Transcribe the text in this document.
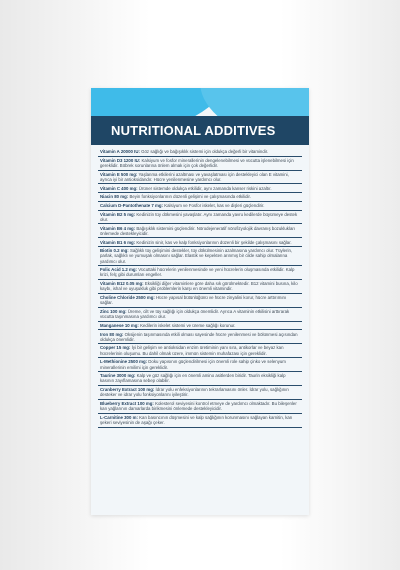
NUTRITIONAL ADDITIVES
Vitamin A 20000 IU: Göz sağlığı ve bağışıklık sistemi için oldukça değerli bir vitamindir.
Vitamin D3 1200 IU: Kalsiyum ve fosfor minerallerinin dengelenebilmesi ve vücutta işlenebilmesi için gereklidir. Böbrek sorunlarına önlem almak için çok değerlidir.
Vitamin E 500 mg: Yaşlanma etkilerini azaltması ve yavaşlatması için destekleyici olan E vitamini, ayrıca iyi bir antioksidandır. Hücre yenilenmesine yardımcı olur.
Vitamin C 400 mg: Ürüner sistemde oldukça etkilidir, aynı zamanda kanser riskini azaltır.
Niacin 80 mg: Beyin fonksiyonlarının düzenli gelişimi ve çalışmasında etkilidir.
Calcium D-Pantothenate 7 mg: Kalsiyum ve Fosfor iskelet, kas ve dişleri güçlendirir.
Vitamin B2 5 mg: Kedinizin tüy dökmesini yavaşlatır. Aynı zamanda yavru kedilerde büyümeye destek olur.
Vitamin B6 4 mg: Bağışıklık sistemini güçlendirir. Nörodejeneratif nörofizyolojik davranış bozuklukları önlemede destekleyicidir.
Vitamin B1 6 mg: Kedinizin sinir, kas ve kalp fonksiyonlarının düzenli bir şekilde çalışmasını sağlar.
Biotin 0.2 mg: Sağlıklı tüy gelişimini destekler, tüy dökülmesinin azalmasına yardımcı olur. Tüylerin, parlak, sağlıklı ve yumuşak olmasını sağlar. Elastik ve kepekten arınmış bir cilde sahip olmalarına yardımcı olur.
Folic Acid 1.2 mg: Vücuttaki hücrelerin yenilenmesinde ve yeni hücrelerin oluşmasında etkilidir. Kalp krizi, felç gibi durumları engeller.
Vitamin B12 0.05 mg: Eksikliği diğer vitaminlere göre daha sık görülmektedir. B12 vitamini busına, kilo kaybı, ishal ve uyuşukluk gibi problemlerin karşı en önemli vitamindir.
Choline Chloride 2500 mg: Hücre yapısal bütünlüğünü ve hücre zinyalini korur, hücre arttırımını sağlar.
Zinc 100 mg: Üreme, cilt ve tüy sağlığı için oldukça önemlidir. Ayrıca A vitaminin etkilisini arttırarak vücutta taşınmasına yardımcı olur.
Manganese 10 mg: Kedilerin iskelet sistemi ve üreme sağlığı korunur.
Iron 80 mg: Oksijenin taşınmasında etkili olması sayesinde hücre yenilenmesi ve bölünmesi açısından oldukça önemlidir.
Copper 15 mg: İyi bir gelişim ve antioksidan enzim üretiminin yanı sıra, antikorlar ve beyaz kan hücrelerinin oluşumu. Bu dahil olmak üzere, immün sistemin muhafazası için gereklidir.
L-Methionine 2500 mg: Doku yapısının güçlendirilmesi için önemli role sahip çinko ve selenyum minerallerinin emilimi için gereklidir.
Taurine 3000 mg: Kalp ve göz sağlığı için en önemli amino asitlerden biridir. Taurin eksikliği kalp kasının zayıflamasına sebep olabilir.
Cranberry Extract 100 mg: İdrar yolu enfeksiyonlarının tekrarlamasını önler. İdrar yolu, sağlığının desteker ve idrar yolu fonksiyonlarını iyileştirir.
Blueberry Extract 100 mg: Kolesterol seviyesini kontrol etmeye de yardımcı olmaktadır. Bu bileşenler kan yağlarının damarlarda birikmesini önlemede destekleyicidir.
L-Carnitine 300 m: Kan basıncının düşmesini ve kalp sağlığının korunmasını sağlayan karnitin, kan şekeri seviyesinin de aşağı çeker.
